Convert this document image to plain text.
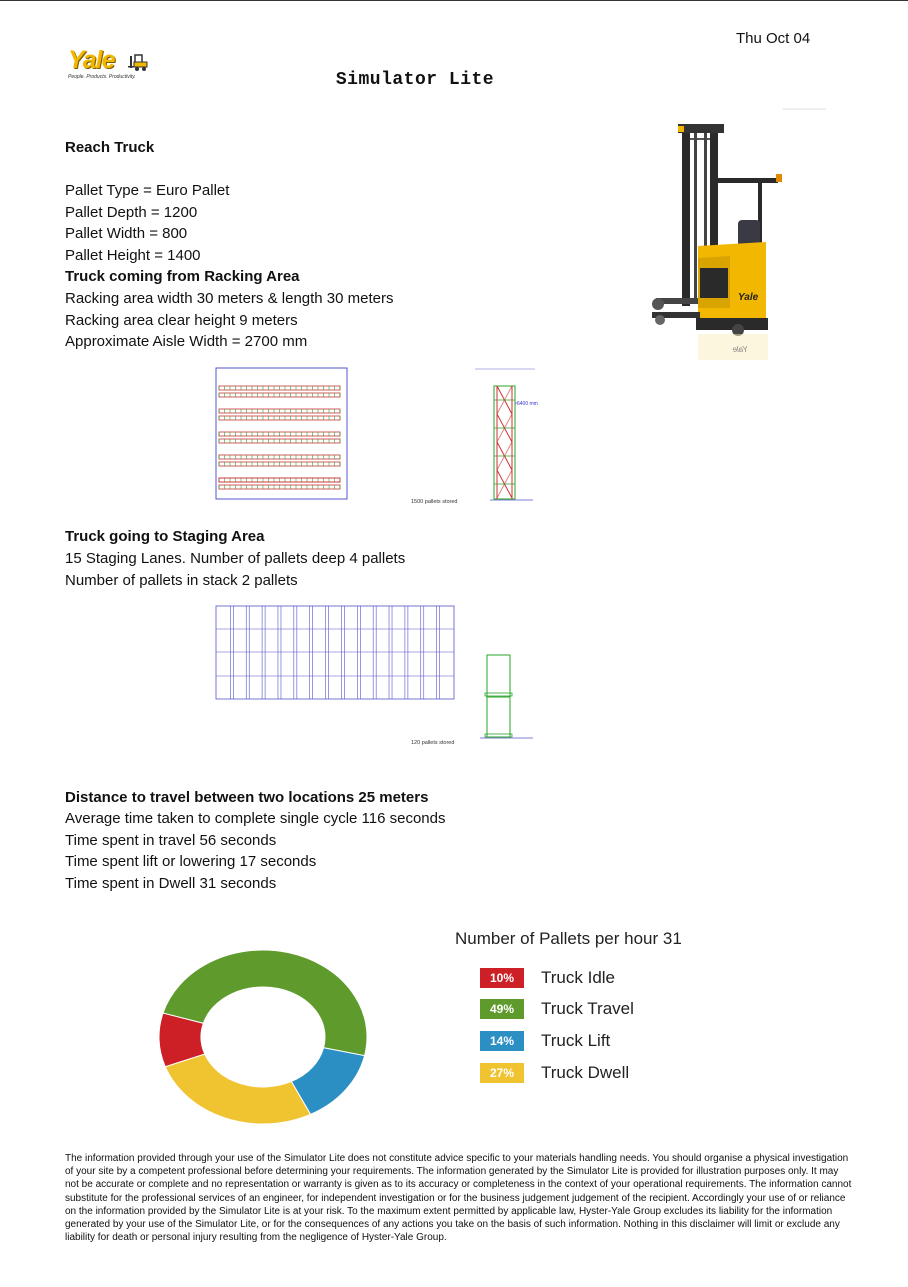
Thu Oct 04
Yale
People. Products. Productivity.	Simulator Lite
Reach Truck
Pallet Type = Euro Pallet
Pallet Depth = 1200
Pallet Width = 800
Pallet Height = 1400
Truck coming from Racking Area
Racking area width 30 meters & length 30 meters
Racking area clear height 9 meters
Approximate Aisle Width = 2700 mm
Yale
Yale
6400 mm
1500 pallets stored
Truck going to Staging Area
15 Staging Lanes. Number of pallets deep 4 pallets
Number of pallets in stack 2 pallets
120 pallets stored
Distance to travel between two locations 25 meters
Average time taken to complete single cycle 116 seconds
Time spent in travel 56 seconds
Time spent lift or lowering 17 seconds
Time spent in Dwell 31 seconds
Number of Pallets per hour 31
10%	Truck Idle
49%	Truck Travel
14%	Truck Lift
27%	Truck Dwell
The information provided through your use of the Simulator Lite does not constitute advice specific to your materials handling needs. You should organise a physical investigation of your site by a competent professional before determining your requirements. The information generated by the Simulator Lite is provided for illustration purposes only. It may not be accurate or complete and no representation or warranty is given as to its accuracy or completeness in the context of your operational requirements. The information cannot substitute for the professional services of an engineer, for independent investigation or for the business judgement judgement of the recipient. Accordingly your use of or reliance on the information provided by the Simulator Lite is at your risk. To the maximum extent permitted by applicable law, Hyster-Yale Group excludes its liability for the information generated by your use of the Simulator Lite, or for the consequences of any actions you take on the basis of such information. Nothing in this disclaimer will limit or exclude any liability for death or personal injury resulting from the negligence of Hyster-Yale Group.
